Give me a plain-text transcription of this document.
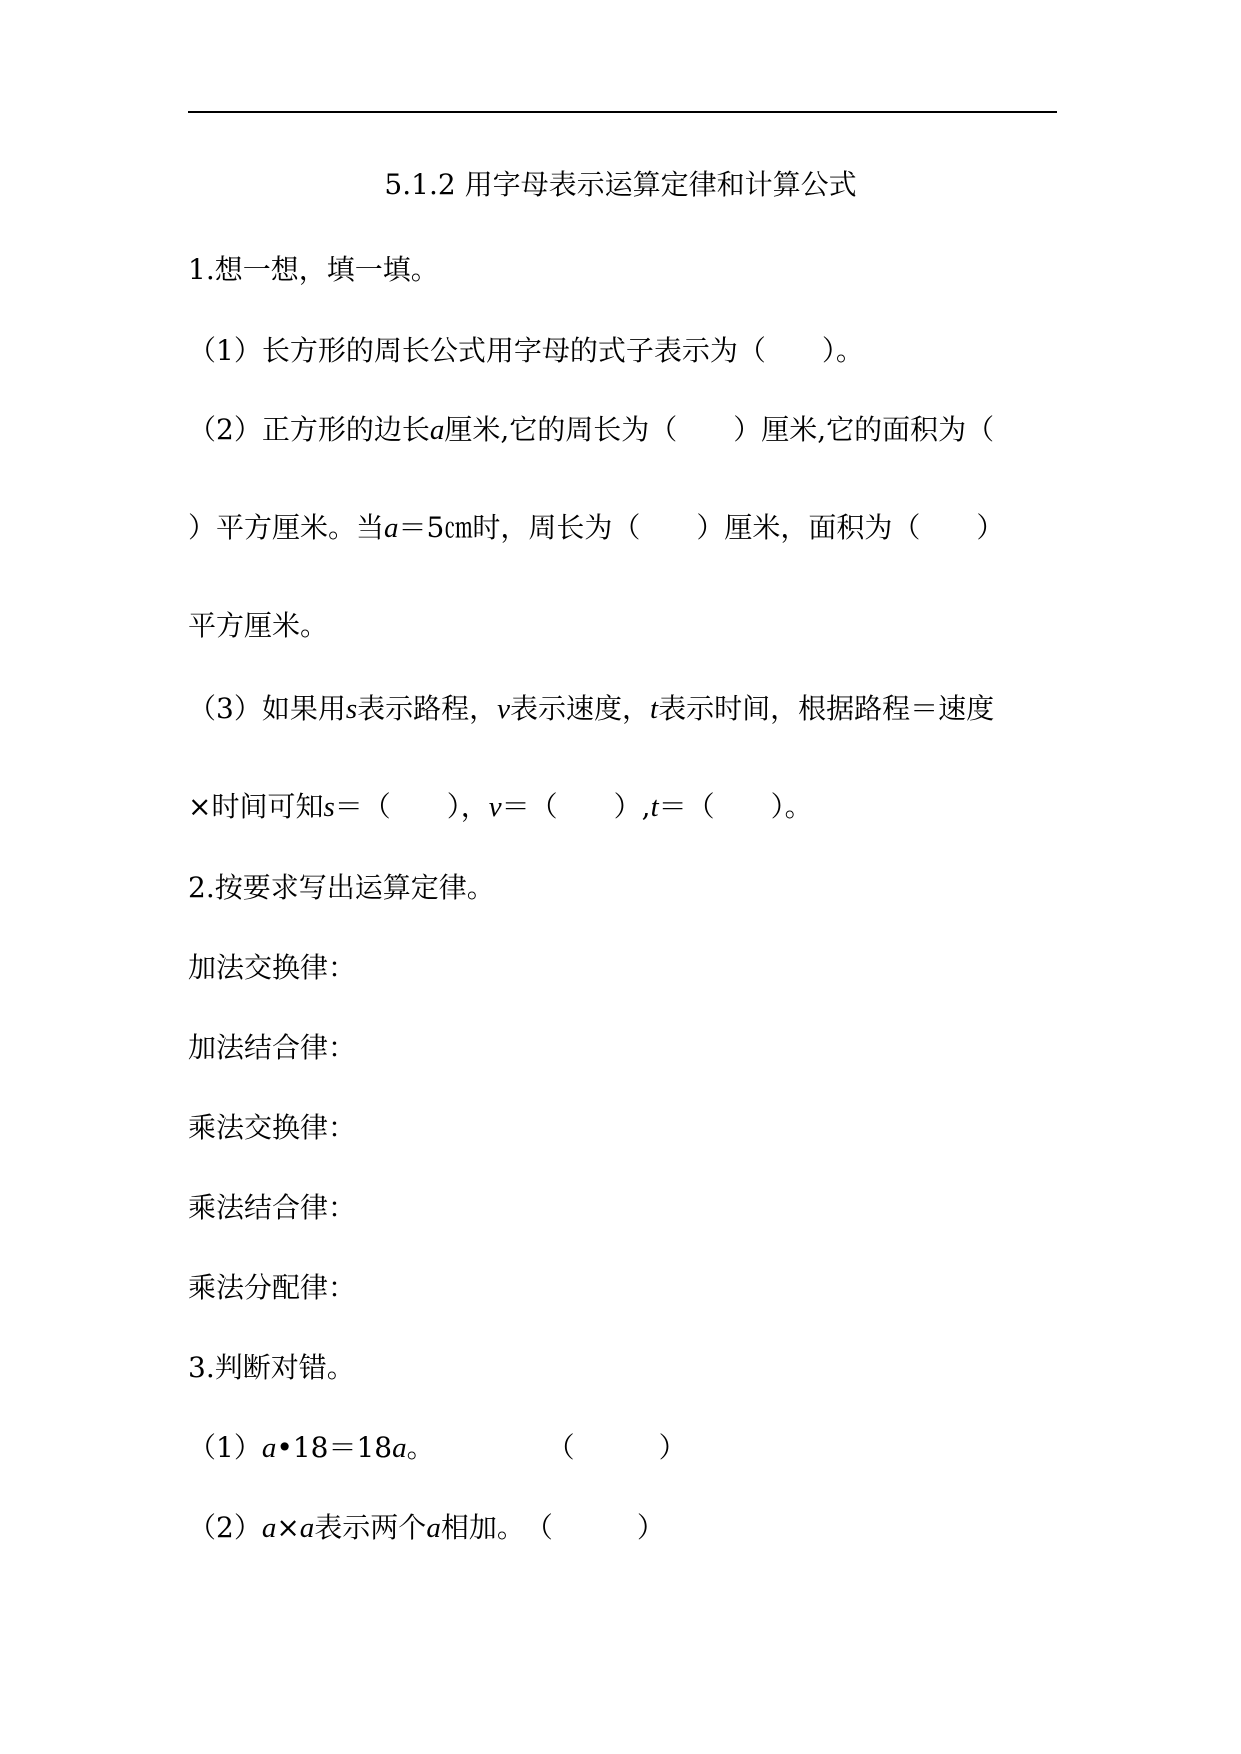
5.1.2 用字母表示运算定律和计算公式
1.想一想，填一填。
（1）长方形的周长公式用字母的式子表示为（　　）。
（2）正方形的边长a厘米,它的周长为（　　）厘米,它的面积为（
）平方厘米。当a＝5㎝时，周长为（　　）厘米，面积为（　　）
平方厘米。
（3）如果用s表示路程，v表示速度，t表示时间，根据路程＝速度
×时间可知s＝（　　），v＝（　　）,t＝（　　）。
2.按要求写出运算定律。
加法交换律：
加法结合律：
乘法交换律：
乘法结合律：
乘法分配律：
3.判断对错。
（1）a•18＝18a。　　　　　（　　　）
（2）a×a表示两个a相加。　（　　　）
